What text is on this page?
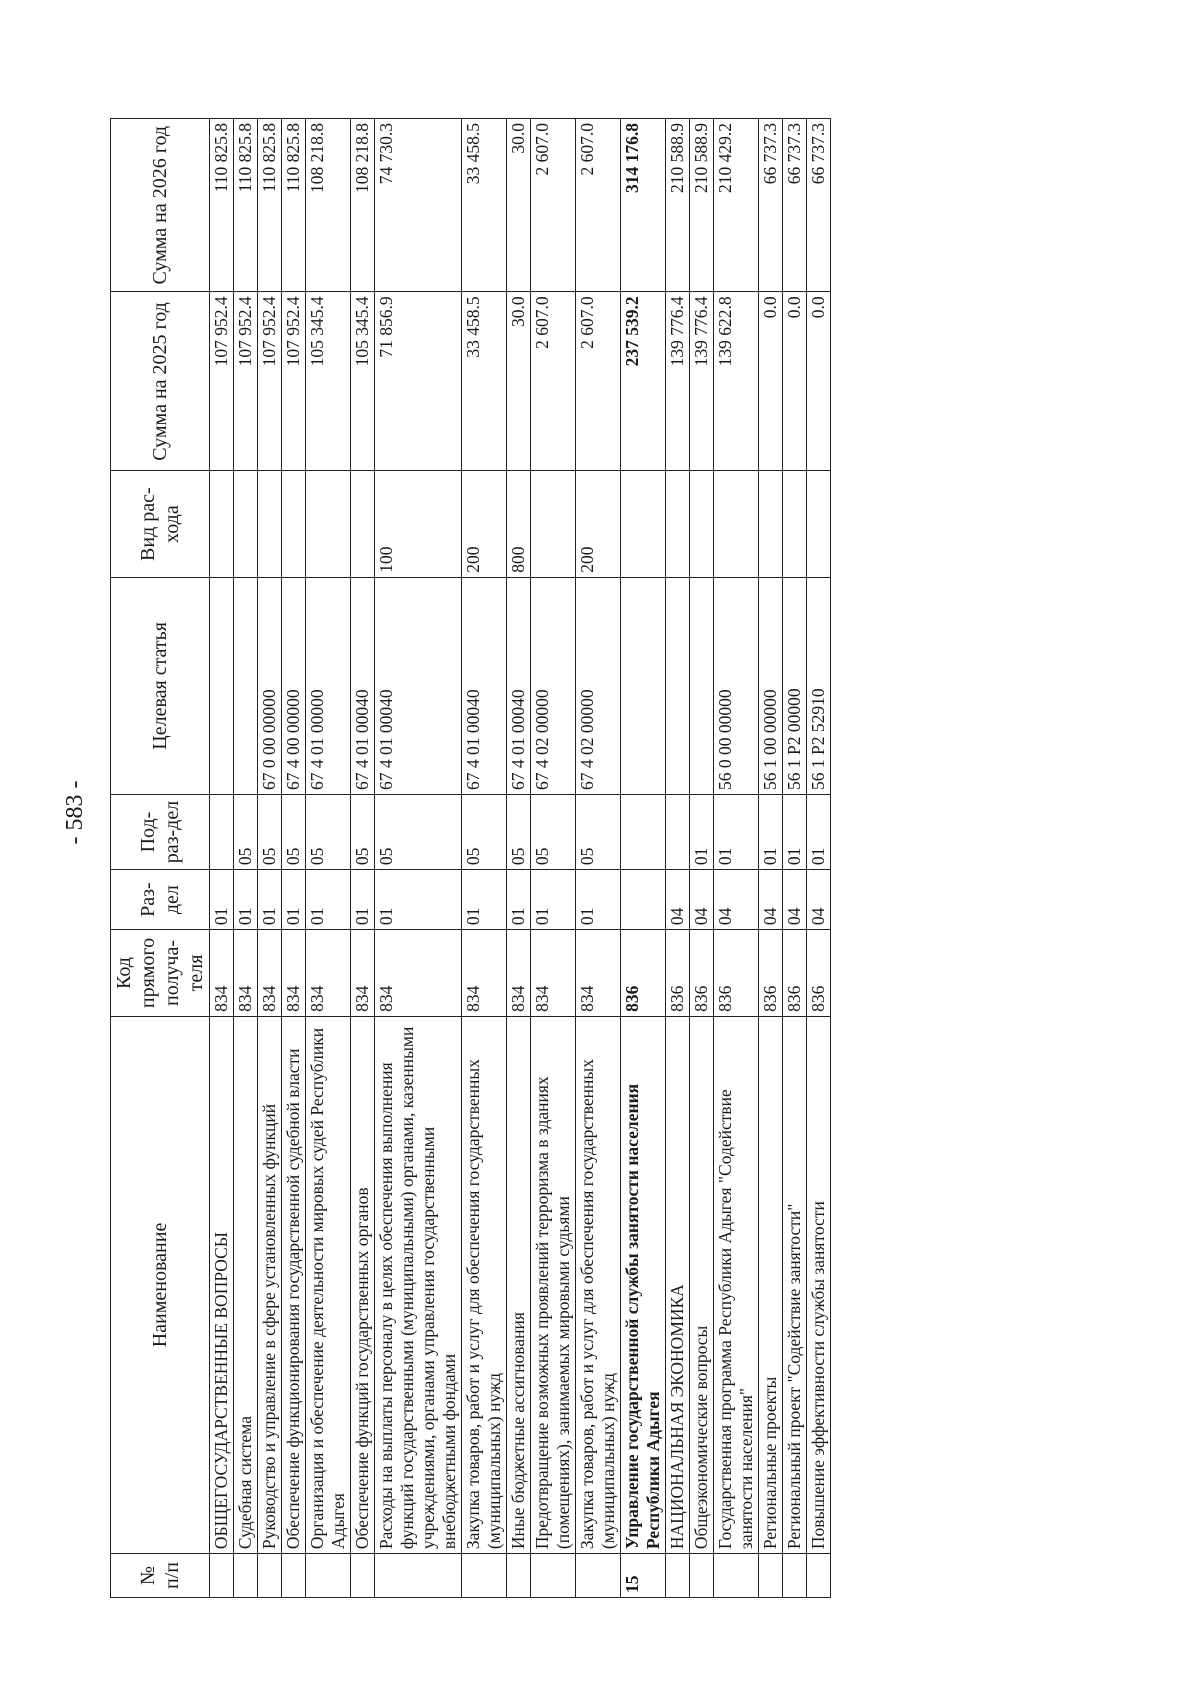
- 583 -
№ п/п	Наименование	Код прямого получа-теля	Раз-дел	Под-раз-дел	Целевая статья	Вид рас-хода	Сумма на 2025 год	Сумма на 2026 год
	ОБЩЕГОСУДАРСТВЕННЫЕ ВОПРОСЫ	834	01				107 952.4	110 825.8
	Судебная система	834	01	05			107 952.4	110 825.8
	Руководство и управление в сфере установленных функций	834	01	05	67 0 00 00000		107 952.4	110 825.8
	Обеспечение функционирования государственной судебной власти	834	01	05	67 4 00 00000		107 952.4	110 825.8
	Организация и обеспечение деятельности мировых судей Республики Адыгея	834	01	05	67 4 01 00000		105 345.4	108 218.8
	Обеспечение функций государственных органов	834	01	05	67 4 01 00040		105 345.4	108 218.8
	Расходы на выплаты персоналу в целях обеспечения выполнения функций государственными (муниципальными) органами, казенными учреждениями, органами управления государственными внебюджетными фондами	834	01	05	67 4 01 00040	100	71 856.9	74 730.3
	Закупка товаров, работ и услуг для обеспечения государственных (муниципальных) нужд	834	01	05	67 4 01 00040	200	33 458.5	33 458.5
	Иные бюджетные ассигнования	834	01	05	67 4 01 00040	800	30.0	30.0
	Предотвращение возможных проявлений терроризма в зданиях (помещениях), занимаемых мировыми судьями	834	01	05	67 4 02 00000		2 607.0	2 607.0
	Закупка товаров, работ и услуг для обеспечения государственных (муниципальных) нужд	834	01	05	67 4 02 00000	200	2 607.0	2 607.0
15	Управление государственной службы занятости населения Республики Адыгея	836					237 539.2	314 176.8
	НАЦИОНАЛЬНАЯ ЭКОНОМИКА	836	04				139 776.4	210 588.9
	Общеэкономические вопросы	836	04	01			139 776.4	210 588.9
	Государственная программа Республики Адыгея "Содействие занятости населения"	836	04	01	56 0 00 00000		139 622.8	210 429.2
	Региональные проекты	836	04	01	56 1 00 00000		0.0	66 737.3
	Региональный проект "Содействие занятости"	836	04	01	56 1 P2 00000		0.0	66 737.3
	Повышение эффективности службы занятости	836	04	01	56 1 P2 52910		0.0	66 737.3
